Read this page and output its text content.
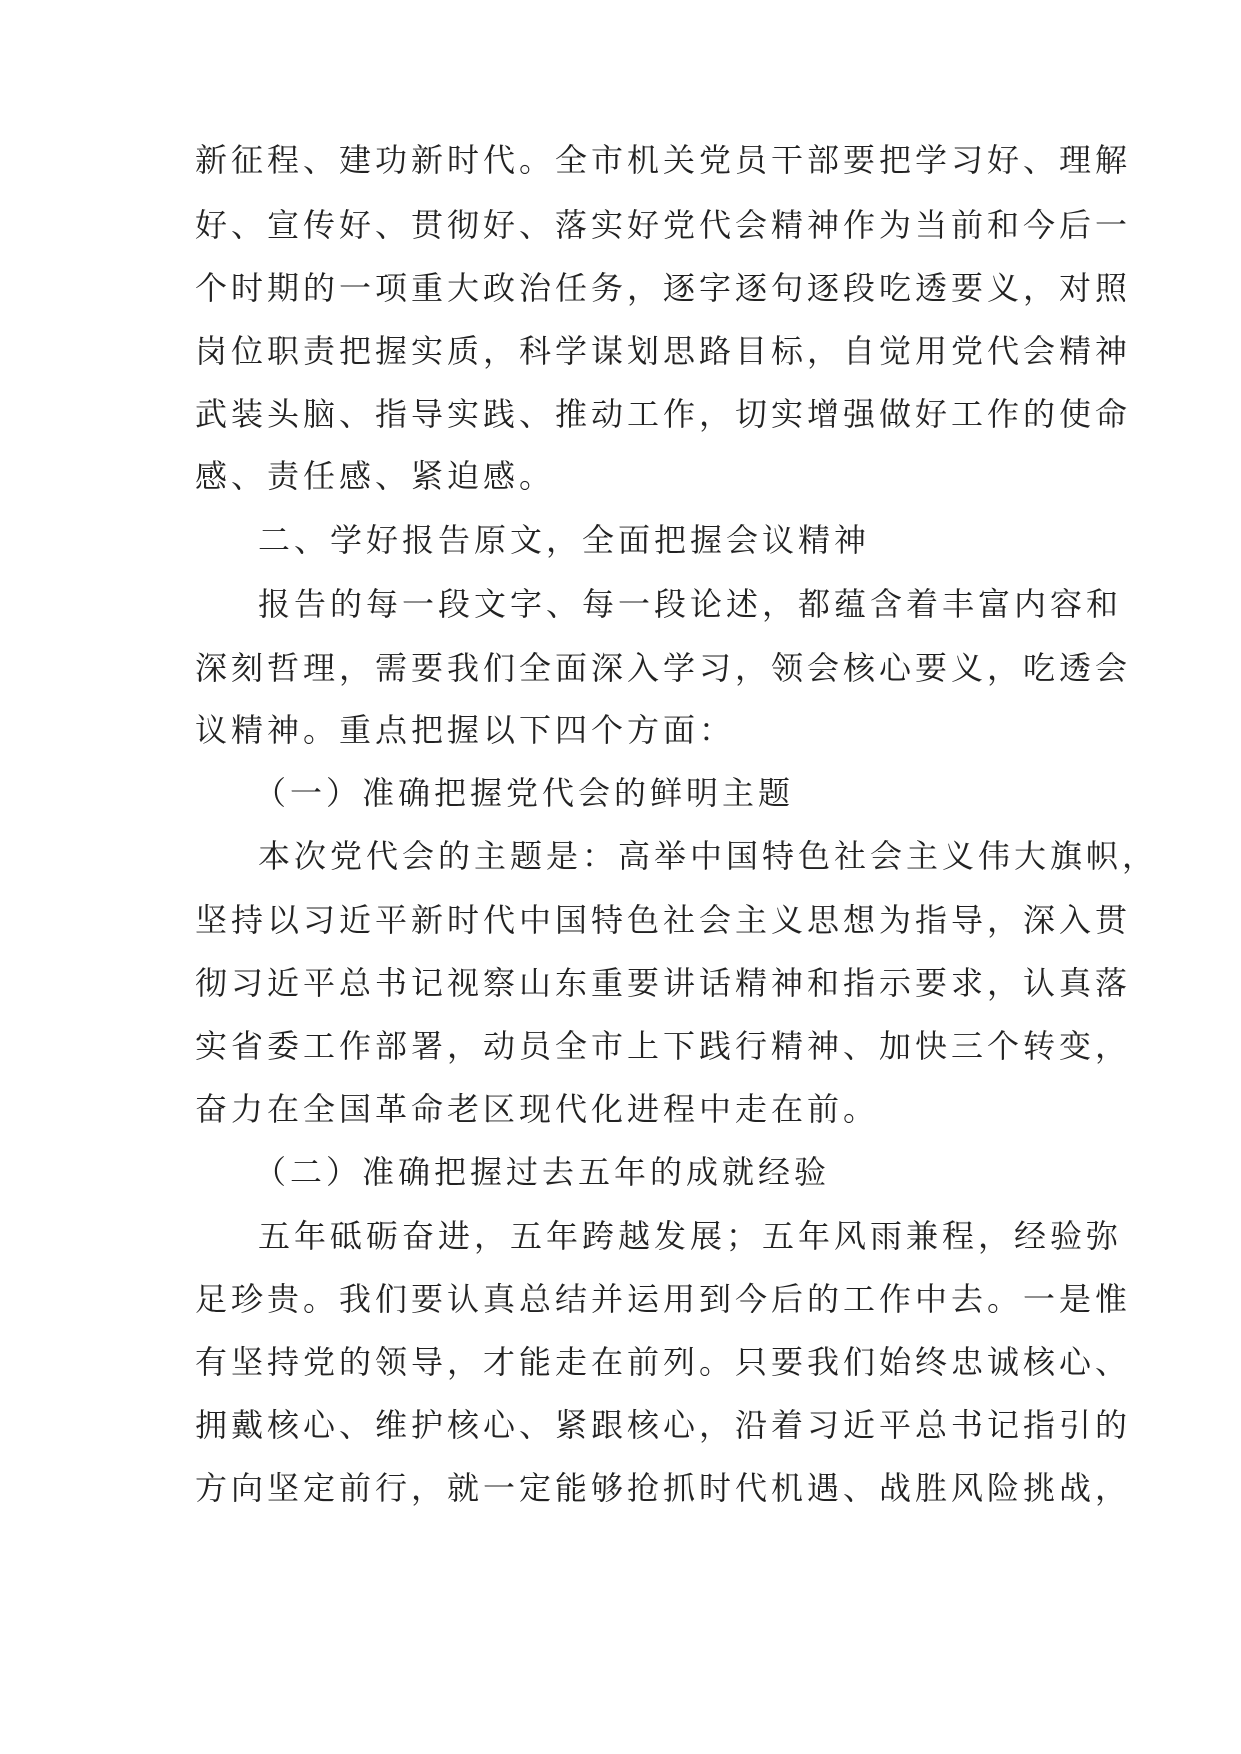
新征程、建功新时代。全市机关党员干部要把学习好、理解
好、宣传好、贯彻好、落实好党代会精神作为当前和今后一
个时期的一项重大政治任务，逐字逐句逐段吃透要义，对照
岗位职责把握实质，科学谋划思路目标，自觉用党代会精神
武装头脑、指导实践、推动工作，切实增强做好工作的使命
感、责任感、紧迫感。
二、学好报告原文，全面把握会议精神
报告的每一段文字、每一段论述，都蕴含着丰富内容和
深刻哲理，需要我们全面深入学习，领会核心要义，吃透会
议精神。重点把握以下四个方面：
（一）准确把握党代会的鲜明主题
本次党代会的主题是：高举中国特色社会主义伟大旗帜，
坚持以习近平新时代中国特色社会主义思想为指导，深入贯
彻习近平总书记视察山东重要讲话精神和指示要求，认真落
实省委工作部署，动员全市上下践行精神、加快三个转变，
奋力在全国革命老区现代化进程中走在前。
（二）准确把握过去五年的成就经验
五年砥砺奋进，五年跨越发展；五年风雨兼程，经验弥
足珍贵。我们要认真总结并运用到今后的工作中去。一是惟
有坚持党的领导，才能走在前列。只要我们始终忠诚核心、
拥戴核心、维护核心、紧跟核心，沿着习近平总书记指引的
方向坚定前行，就一定能够抢抓时代机遇、战胜风险挑战，
